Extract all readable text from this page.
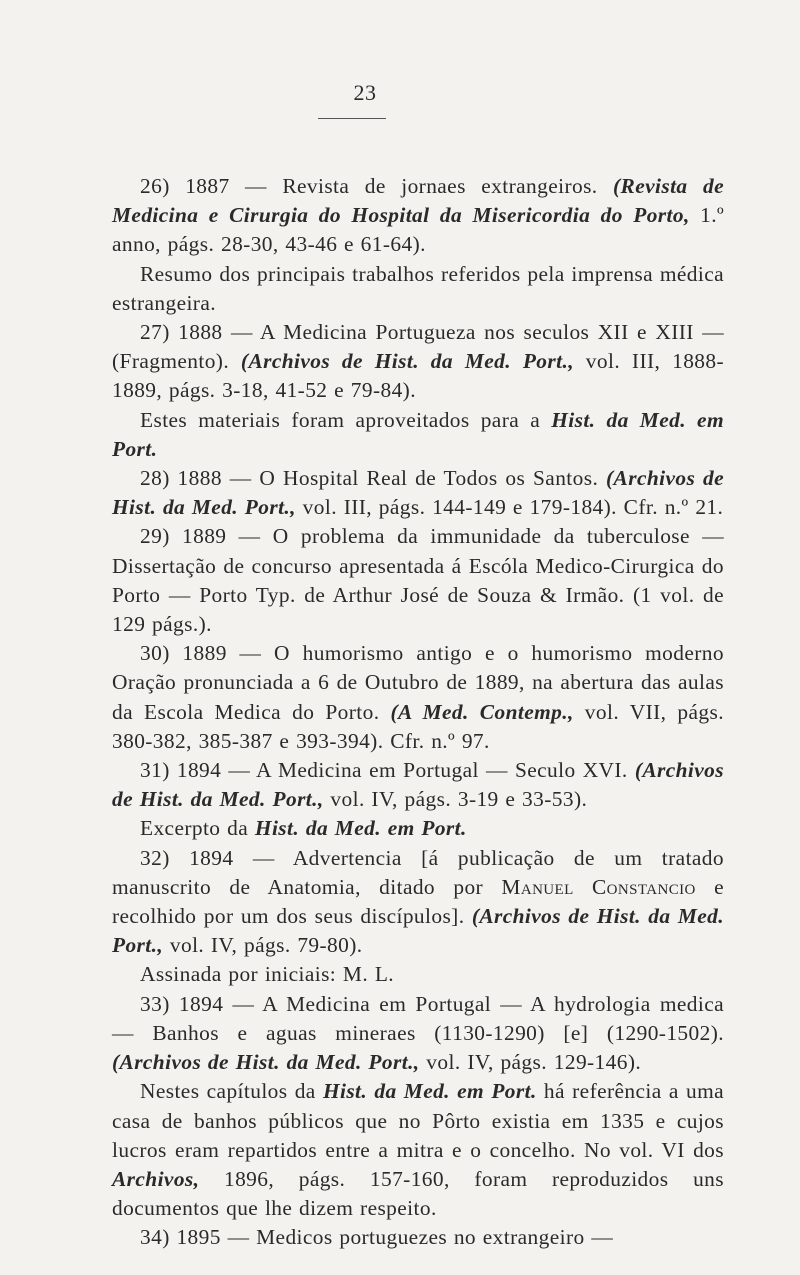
23

26) 1887 — Revista de jornaes extrangeiros. (Revista de Medicina e Cirurgia do Hospital da Misericordia do Porto, 1.º anno, págs. 28-30, 43-46 e 61-64).

Resumo dos principais trabalhos referidos pela imprensa médica estrangeira.

27) 1888 — A Medicina Portugueza nos seculos XII e XIII — (Fragmento). (Archivos de Hist. da Med. Port., vol. III, 1888-1889, págs. 3-18, 41-52 e 79-84).

Estes materiais foram aproveitados para a Hist. da Med. em Port.

28) 1888 — O Hospital Real de Todos os Santos. (Archivos de Hist. da Med. Port., vol. III, págs. 144-149 e 179-184). Cfr. n.º 21.

29) 1889 — O problema da immunidade da tuberculose — Dissertação de concurso apresentada á Escóla Medico-Cirurgica do Porto — Porto Typ. de Arthur José de Souza & Irmão. (1 vol. de 129 págs.).

30) 1889 — O humorismo antigo e o humorismo moderno Oração pronunciada a 6 de Outubro de 1889, na abertura das aulas da Escola Medica do Porto. (A Med. Contemp., vol. VII, págs. 380-382, 385-387 e 393-394). Cfr. n.º 97.

31) 1894 — A Medicina em Portugal — Seculo XVI. (Archivos de Hist. da Med. Port., vol. IV, págs. 3-19 e 33-53).

Excerpto da Hist. da Med. em Port.

32) 1894 — Advertencia [á publicação de um tratado manuscrito de Anatomia, ditado por Manuel Constancio e recolhido por um dos seus discípulos]. (Archivos de Hist. da Med. Port., vol. IV, págs. 79-80).

Assinada por iniciais: M. L.

33) 1894 — A Medicina em Portugal — A hydrologia medica — Banhos e aguas mineraes (1130-1290) [e] (1290-1502). (Archivos de Hist. da Med. Port., vol. IV, págs. 129-146).

Nestes capítulos da Hist. da Med. em Port. há referência a uma casa de banhos públicos que no Pôrto existia em 1335 e cujos lucros eram repartidos entre a mitra e o concelho. No vol. VI dos Archivos, 1896, págs. 157-160, foram reproduzidos uns documentos que lhe dizem respeito.

34) 1895 — Medicos portuguezes no extrangeiro —
